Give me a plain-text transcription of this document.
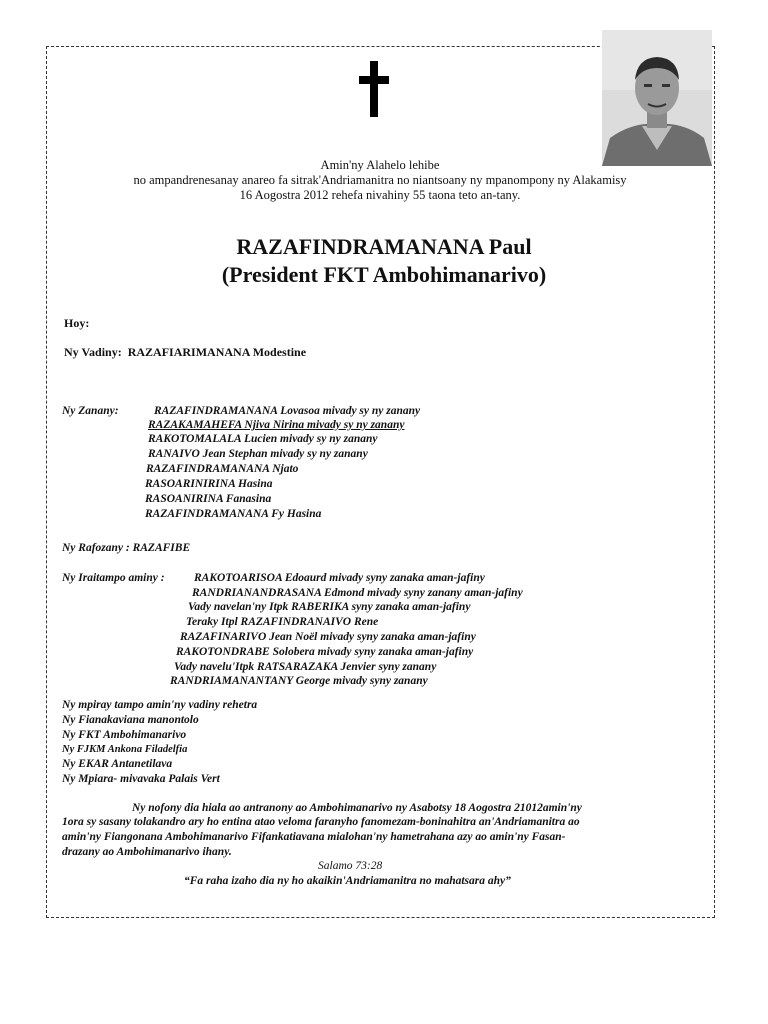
Amin'ny Alahelo lehibe
no ampandrenesanay anareo fa sitrak'Andriamanitra no niantsoany ny mpanompony ny Alakamisy
16 Aogostra 2012 rehefa nivahiny 55 taona teto an-tany.
RAZAFINDRAMANANA Paul
(President FKT Ambohimanarivo)
Hoy:
Ny Vadiny: RAZAFIARIMANANA Modestine
Ny Zanany:	RAZAFINDRAMANANA Lovasoa mivady sy ny zanany
RAZAKAMAHEFA Njiva Nirina mivady sy ny zanany
RAKOTOMALALA Lucien mivady sy ny zanany
RANAIVO Jean Stephan mivady sy ny zanany
RAZAFINDRAMANANA Njato
RASOARINIRINA Hasina
RASOANIRINA Fanasina
RAZAFINDRAMANANA Fy Hasina
Ny Rafozany : RAZAFIBE
Ny Iraitampo aminy :	RAKOTOARISOA Edoaurd mivady syny zanaka aman-jafiny
RANDRIANANDRASANA Edmond mivady syny zanany aman-jafiny
Vady navelan'ny Itpk RABERIKA syny zanaka aman-jafiny
Teraky Itpl RAZAFINDRANAIVO Rene
RAZAFINARIVO Jean Noël mivady syny zanaka aman-jafiny
RAKOTONDRABE Solobera mivady syny zanaka aman-jafiny
Vady navelu'Itpk RATSARAZAKA Jenvier syny zanany
RANDRIAMANANTANY George mivady syny zanany
Ny mpiray tampo amin'ny vadiny rehetra
Ny Fianakaviana manontolo
Ny FKT Ambohimanarivo
Ny FJKM Ankona Filadelfia
Ny EKAR Antanetilava
Ny Mpiara- mivavaka Palais Vert
Ny nofony dia hiala ao antranony ao Ambohimanarivo ny Asabotsy 18 Aogostra 21012amin'ny
1ora sy sasany tolakandro ary ho entina atao veloma faranyho fanomezam-boninahitra an'Andriamanitra ao
amin'ny Fiangonana Ambohimanarivo Fifankatiavana mialohan'ny hametrahana azy ao amin'ny Fasan-
drazany ao Ambohimanarivo ihany.
Salamo 73:28
“Fa raha izaho dia ny ho akaikin'Andriamanitra no mahatsara ahy”
